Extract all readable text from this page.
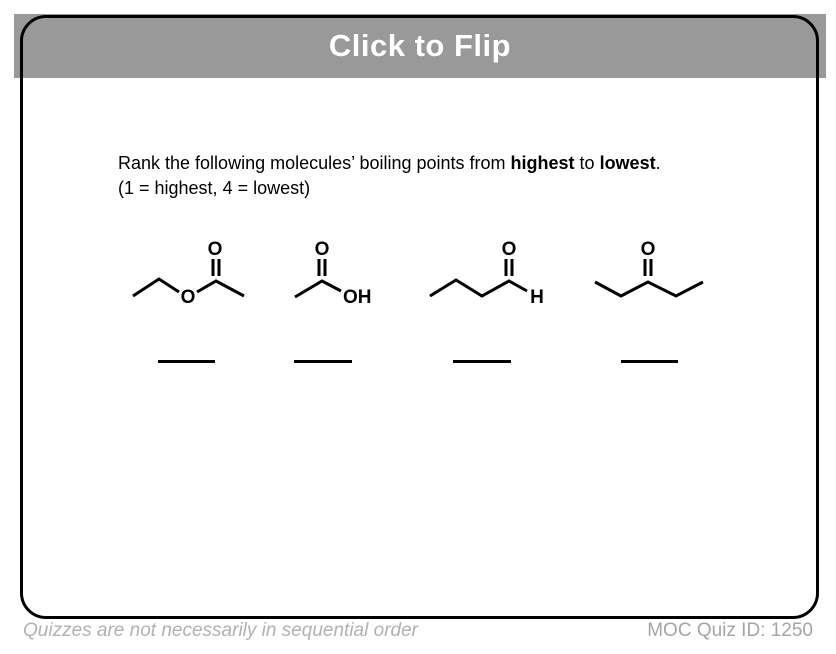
Click to Flip
Rank the following molecules’ boiling points from highest to lowest.
(1 = highest, 4 = lowest)
O
O
O
OH
O
H
O
Quizzes are not necessarily in sequential order	MOC Quiz ID: 1250
